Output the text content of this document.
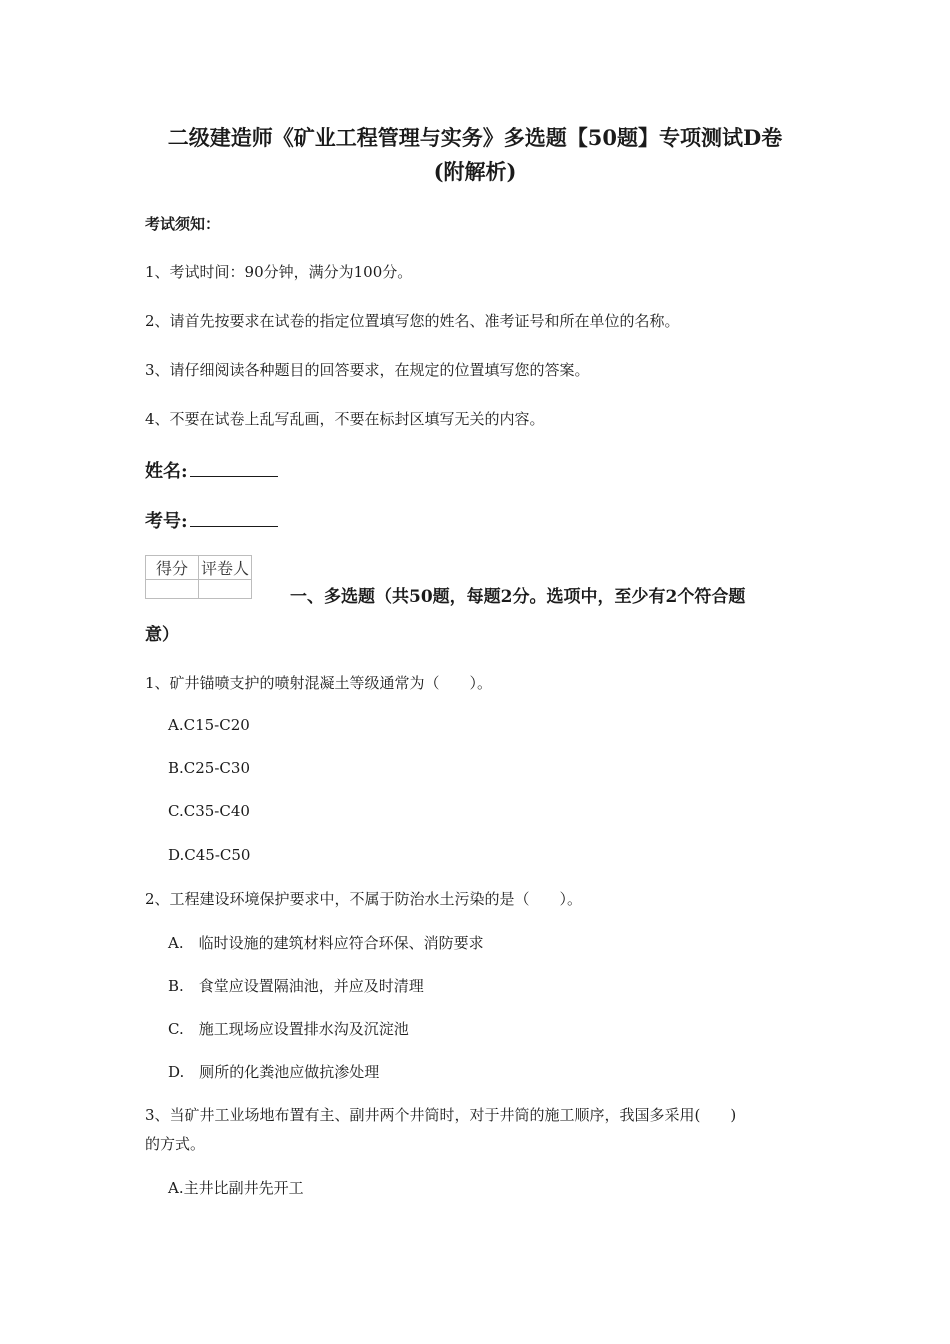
二级建造师《矿业工程管理与实务》多选题【50题】专项测试D卷
(附解析)
考试须知：
1、考试时间：90分钟，满分为100分。
2、请首先按要求在试卷的指定位置填写您的姓名、准考证号和所在单位的名称。
3、请仔细阅读各种题目的回答要求，在规定的位置填写您的答案。
4、不要在试卷上乱写乱画，不要在标封区填写无关的内容。
姓名:
考号:
得分	评卷人

一、多选题（共50题，每题2分。选项中，至少有2个符合题
意）
1、矿井锚喷支护的喷射混凝土等级通常为（　　）。
A.C15-C20
B.C25-C30
C.C35-C40
D.C45-C50
2、工程建设环境保护要求中，不属于防治水土污染的是（　　）。
A.　临时设施的建筑材料应符合环保、消防要求
B.　食堂应设置隔油池，并应及时清理
C.　施工现场应设置排水沟及沉淀池
D.　厕所的化粪池应做抗渗处理
3、当矿井工业场地布置有主、副井两个井筒时，对于井筒的施工顺序，我国多采用(　　)
的方式。
A.主井比副井先开工
